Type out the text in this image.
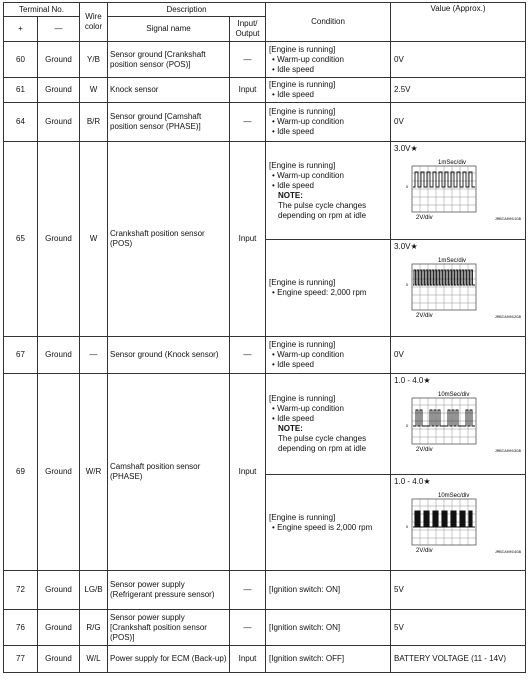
Terminal No.		Wire color	Description		Condition	Value (Approx.)
+	—		Signal name	Input/ Output		
60	Ground	Y/B	Sensor ground [Crankshaft position sensor (POS)]	—	[Engine is running]
• Warm-up condition
• Idle speed	0V
61	Ground	W	Knock sensor	Input	[Engine is running]
• Idle speed	2.5V
64	Ground	B/R	Sensor ground [Camshaft position sensor (PHASE)]	—	[Engine is running]
• Warm-up condition
• Idle speed	0V
65	Ground	W	Crankshaft position sensor (POS)	Input	[Engine is running]
• Warm-up condition
• Idle speed
NOTE:
The pulse cycle changes depending on rpm at idle	3.0V★
1mSec/div
0
2V/div JMBIA0061GB

					[Engine is running]
• Engine speed: 2,000 rpm	3.0V★
1mSec/div
0
2V/div JMBIA0062GB

67	Ground	—	Sensor ground (Knock sensor)	—	[Engine is running]
• Warm-up condition
• Idle speed	0V
69	Ground	W/R	Camshaft position sensor (PHASE)	Input	[Engine is running]
• Warm-up condition
• Idle speed
NOTE:
The pulse cycle changes depending on rpm at idle	1.0 - 4.0★
10mSec/div
0
2V/div JMBIA0063GB

					[Engine is running]
• Engine speed is 2,000 rpm	1.0 - 4.0★
10mSec/div
0
2V/div JMBIA0064GB

72	Ground	LG/B	Sensor power supply (Refrigerant pressure sensor)	—	[Ignition switch: ON]	5V
76	Ground	R/G	Sensor power supply [Crankshaft position sensor (POS)]	—	[Ignition switch: ON]	5V
77	Ground	W/L	Power supply for ECM (Back-up)	Input	[Ignition switch: OFF]	BATTERY VOLTAGE (11 - 14V)
